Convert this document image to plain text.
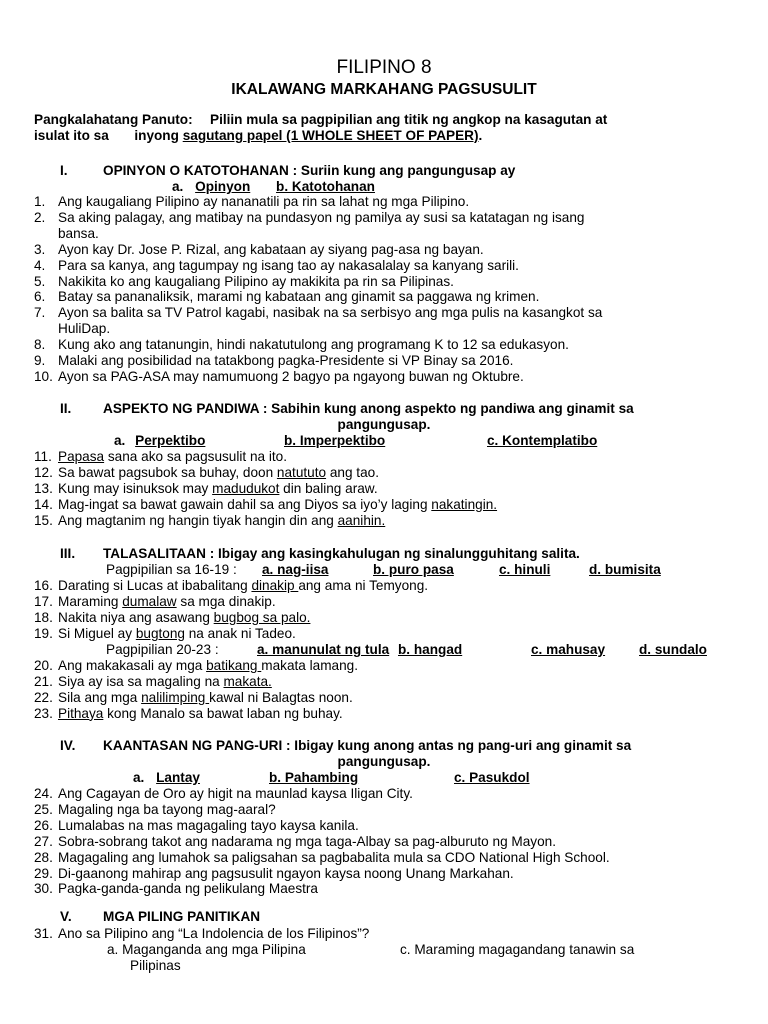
FILIPINO 8
IKALAWANG MARKAHANG PAGSUSULIT
Pangkalahatang Panuto: Piliin mula sa pagpipilian ang titik ng angkop na kasagutan at
isulat ito sa inyong sagutang papel (1 WHOLE SHEET OF PAPER).
I.	OPINYON O KATOTOHANAN : Suriin kung ang pangungusap ay
a. Opinyon b. Katotohanan
1. Ang kaugaliang Pilipino ay nananatili pa rin sa lahat ng mga Pilipino.
2. Sa aking palagay, ang matibay na pundasyon ng pamilya ay susi sa katatagan ng isang
bansa.
3. Ayon kay Dr. Jose P. Rizal, ang kabataan ay siyang pag-asa ng bayan.
4. Para sa kanya, ang tagumpay ng isang tao ay nakasalalay sa kanyang sarili.
5. Nakikita ko ang kaugaliang Pilipino ay makikita pa rin sa Pilipinas.
6. Batay sa pananaliksik, marami ng kabataan ang ginamit sa paggawa ng krimen.
7. Ayon sa balita sa TV Patrol kagabi, nasibak na sa serbisyo ang mga pulis na kasangkot sa
HuliDap.
8. Kung ako ang tatanungin, hindi nakatutulong ang programang K to 12 sa edukasyon.
9. Malaki ang posibilidad na tatakbong pagka-Presidente si VP Binay sa 2016.
10. Ayon sa PAG-ASA may namumuong 2 bagyo pa ngayong buwan ng Oktubre.
II. ASPEKTO NG PANDIWA : Sabihin kung anong aspekto ng pandiwa ang ginamit sa
pangungusap.
a. Perpektibo	b. Imperpektibo	c. Kontemplatibo
11. Papasa sana ako sa pagsusulit na ito.
12. Sa bawat pagsubok sa buhay, doon natututo ang tao.
13. Kung may isinuksok may madudukot din baling araw.
14. Mag-ingat sa bawat gawain dahil sa ang Diyos sa iyo’y laging nakatingin.
15. Ang magtanim ng hangin tiyak hangin din ang aanihin.
III. TALASALITAAN : Ibigay ang kasingkahulugan ng sinalungguhitang salita.
Pagpipilian sa 16-19 : a. nag-iisa	b. puro pasa	c. hinuli	d. bumisita
16. Darating si Lucas at ibabalitang dinakip ang ama ni Temyong.
17. Maraming dumalaw sa mga dinakip.
18. Nakita niya ang asawang bugbog sa palo.
19. Si Miguel ay bugtong na anak ni Tadeo.
Pagpipilian 20-23 :	a. manunulat ng tula b. hangad	c. mahusay d. sundalo
20. Ang makakasali ay mga batikang makata lamang.
21. Siya ay isa sa magaling na makata.
22. Sila ang mga nalilimping kawal ni Balagtas noon.
23. Pithaya kong Manalo sa bawat laban ng buhay.
IV. KAANTASAN NG PANG-URI : Ibigay kung anong antas ng pang-uri ang ginamit sa
pangungusap.
a. Lantay	b. Pahambing	c. Pasukdol
24. Ang Cagayan de Oro ay higit na maunlad kaysa Iligan City.
25. Magaling nga ba tayong mag-aaral?
26. Lumalabas na mas magagaling tayo kaysa kanila.
27. Sobra-sobrang takot ang nadarama ng mga taga-Albay sa pag-alburuto ng Mayon.
28. Magagaling ang lumahok sa paligsahan sa pagbabalita mula sa CDO National High School.
29. Di-gaanong mahirap ang pagsusulit ngayon kaysa noong Unang Markahan.
30. Pagka-ganda-ganda ng pelikulang Maestra
V. MGA PILING PANITIKAN
31. Ano sa Pilipino ang “La Indolencia de los Filipinos”?
a. Maganganda ang mga Pilipina	c. Maraming magagandang tanawin sa
Pilipinas
